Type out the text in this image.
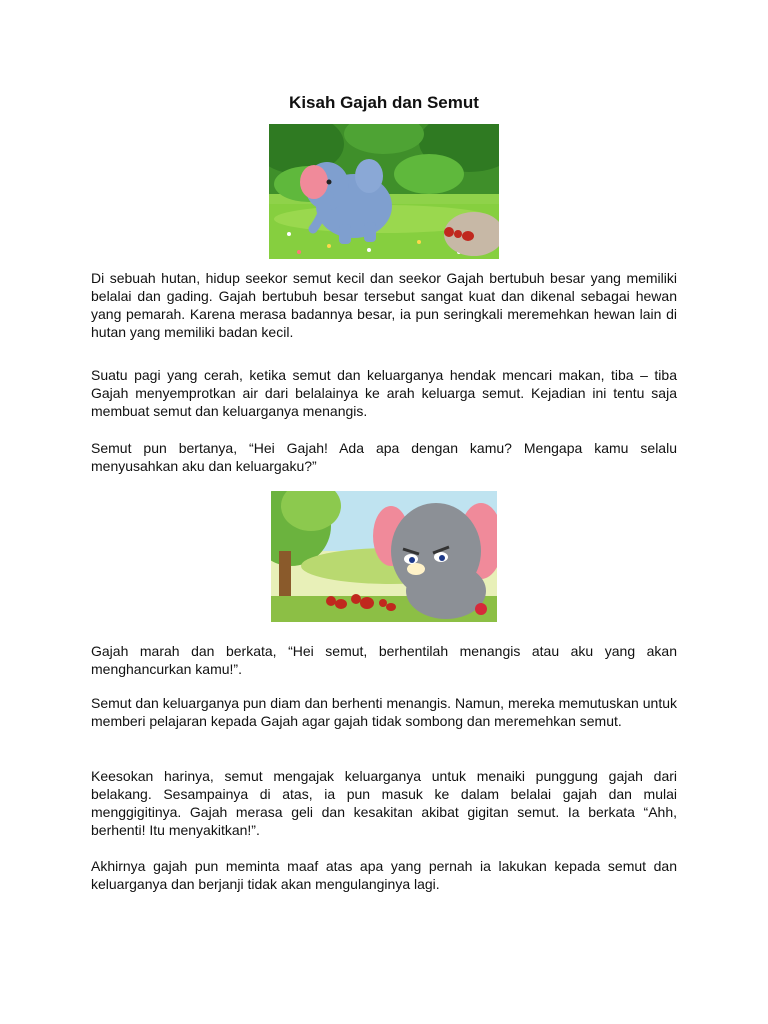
Kisah Gajah dan Semut

Di sebuah hutan, hidup seekor semut kecil dan seekor Gajah bertubuh besar yang memiliki belalai dan gading. Gajah bertubuh besar tersebut sangat kuat dan dikenal sebagai hewan yang pemarah. Karena merasa badannya besar, ia pun seringkali meremehkan hewan lain di hutan yang memiliki badan kecil.

Suatu pagi yang cerah, ketika semut dan keluarganya hendak mencari makan, tiba – tiba Gajah menyemprotkan air dari belalainya ke arah keluarga semut. Kejadian ini tentu saja membuat semut dan keluarganya menangis.

Semut pun bertanya, “Hei Gajah! Ada apa dengan kamu? Mengapa kamu selalu menyusahkan aku dan keluargaku?”

Gajah marah dan berkata, “Hei semut, berhentilah menangis atau aku yang akan menghancurkan kamu!”.

Semut dan keluarganya pun diam dan berhenti menangis. Namun, mereka memutuskan untuk memberi pelajaran kepada Gajah agar gajah tidak sombong dan meremehkan semut.

Keesokan harinya, semut mengajak keluarganya untuk menaiki punggung gajah dari belakang. Sesampainya di atas, ia pun masuk ke dalam belalai gajah dan mulai menggigitinya. Gajah merasa geli dan kesakitan akibat gigitan semut. Ia berkata “Ahh, berhenti! Itu menyakitkan!”.

Akhirnya gajah pun meminta maaf atas apa yang pernah ia lakukan kepada semut dan keluarganya dan berjanji tidak akan mengulanginya lagi.
